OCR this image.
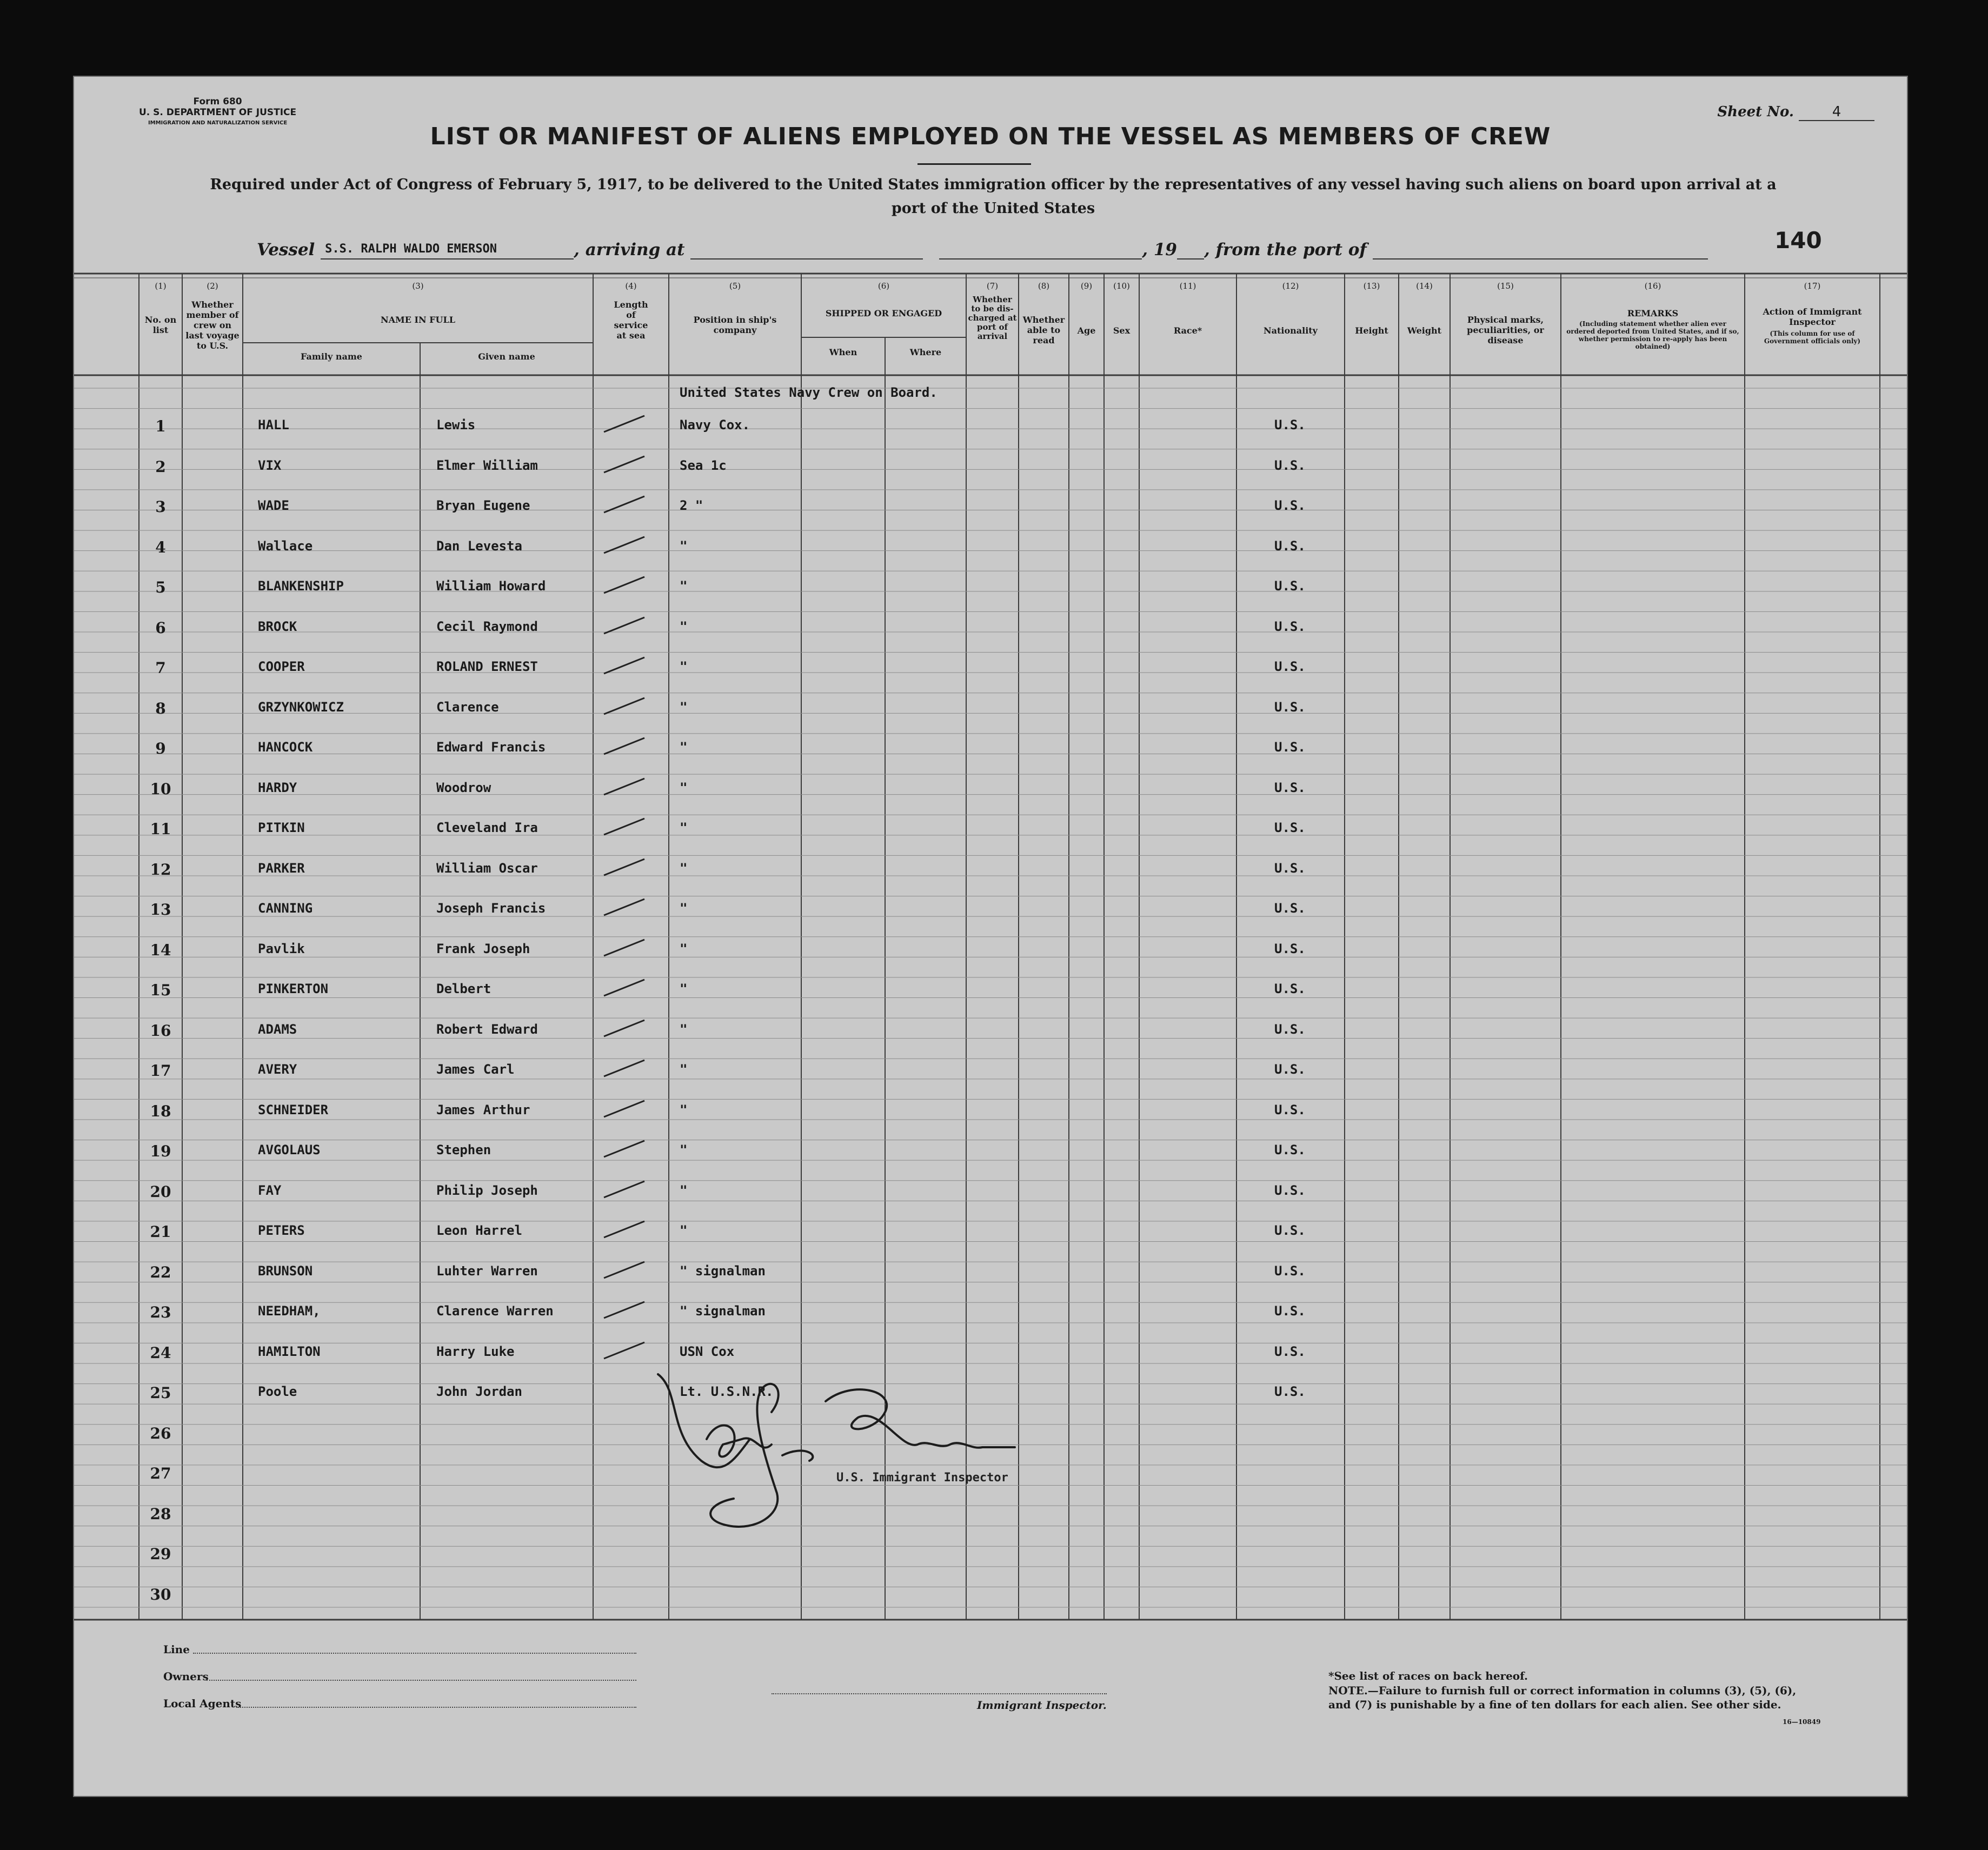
Form 680
U. S. DEPARTMENT OF JUSTICE
IMMIGRATION AND NATURALIZATION SERVICE
Sheet No.	4
LIST OR MANIFEST OF ALIENS EMPLOYED ON THE VESSEL AS MEMBERS OF CREW
Required under Act of Congress of February 5, 1917, to be delivered to the United States immigration officer by the representatives of any vessel having such aliens on board upon arrival at a port of the United States
Vessel S.S. RALPH WALDO EMERSON	, arriving at	, 19 , from the port of	140
(1)
No. on list
(2)
Whether member of crew on last voyage to U.S.
(3)
NAME IN FULL
Family name	Given name
(4)
Length of service at sea
(5)
Position in ship's company
(6)
SHIPPED OR ENGAGED
When	Where
(7)
Whether to be dis-charged at port of arrival
(8)
Whether able to read
(9)
Age
(10)
Sex
(11)
Race*
(12)
Nationality
(13)
Height
(14)
Weight
(15)
Physical marks, peculiarities, or disease
(16)
REMARKS
(Including statement whether alien ever ordered deported from United States, and if so, whether permission to re-apply has been obtained)
(17)
Action of Immigrant Inspector
(This column for use of Government officials only)
United States Navy Crew on Board.
1	HALL	Lewis	Navy Cox.	U.S.
2	VIX	Elmer William	Sea 1c	U.S.
3	WADE	Bryan Eugene	2 "	U.S.
4	Wallace	Dan Levesta	"	U.S.
5	BLANKENSHIP	William Howard	"	U.S.
6	BROCK	Cecil Raymond	"	U.S.
7	COOPER	ROLAND ERNEST	"	U.S.
8	GRZYNKOWICZ	Clarence	"	U.S.
9	HANCOCK	Edward Francis	"	U.S.
10	HARDY	Woodrow	"	U.S.
11	PITKIN	Cleveland Ira	"	U.S.
12	PARKER	William Oscar	"	U.S.
13	CANNING	Joseph Francis	"	U.S.
14	Pavlik	Frank Joseph	"	U.S.
15	PINKERTON	Delbert	"	U.S.
16	ADAMS	Robert Edward	"	U.S.
17	AVERY	James Carl	"	U.S.
18	SCHNEIDER	James Arthur	"	U.S.
19	AVGOLAUS	Stephen	"	U.S.
20	FAY	Philip Joseph	"	U.S.
21	PETERS	Leon Harrel	"	U.S.
22	BRUNSON	Luhter Warren	" signalman	U.S.
23	NEEDHAM,	Clarence Warren	" signalman	U.S.
24	HAMILTON	Harry Luke	USN Cox	U.S.
25	Poole	John Jordan	Lt. U.S.N.R.	U.S.
26
27
28
29
30
U.S. Immigrant Inspector
Line
Owners
Local Agents	Immigrant Inspector.
*See list of races on back hereof.
NOTE.—Failure to furnish full or correct information in columns (3), (5), (6), and (7) is punishable by a fine of ten dollars for each alien. See other side.
16—10849
